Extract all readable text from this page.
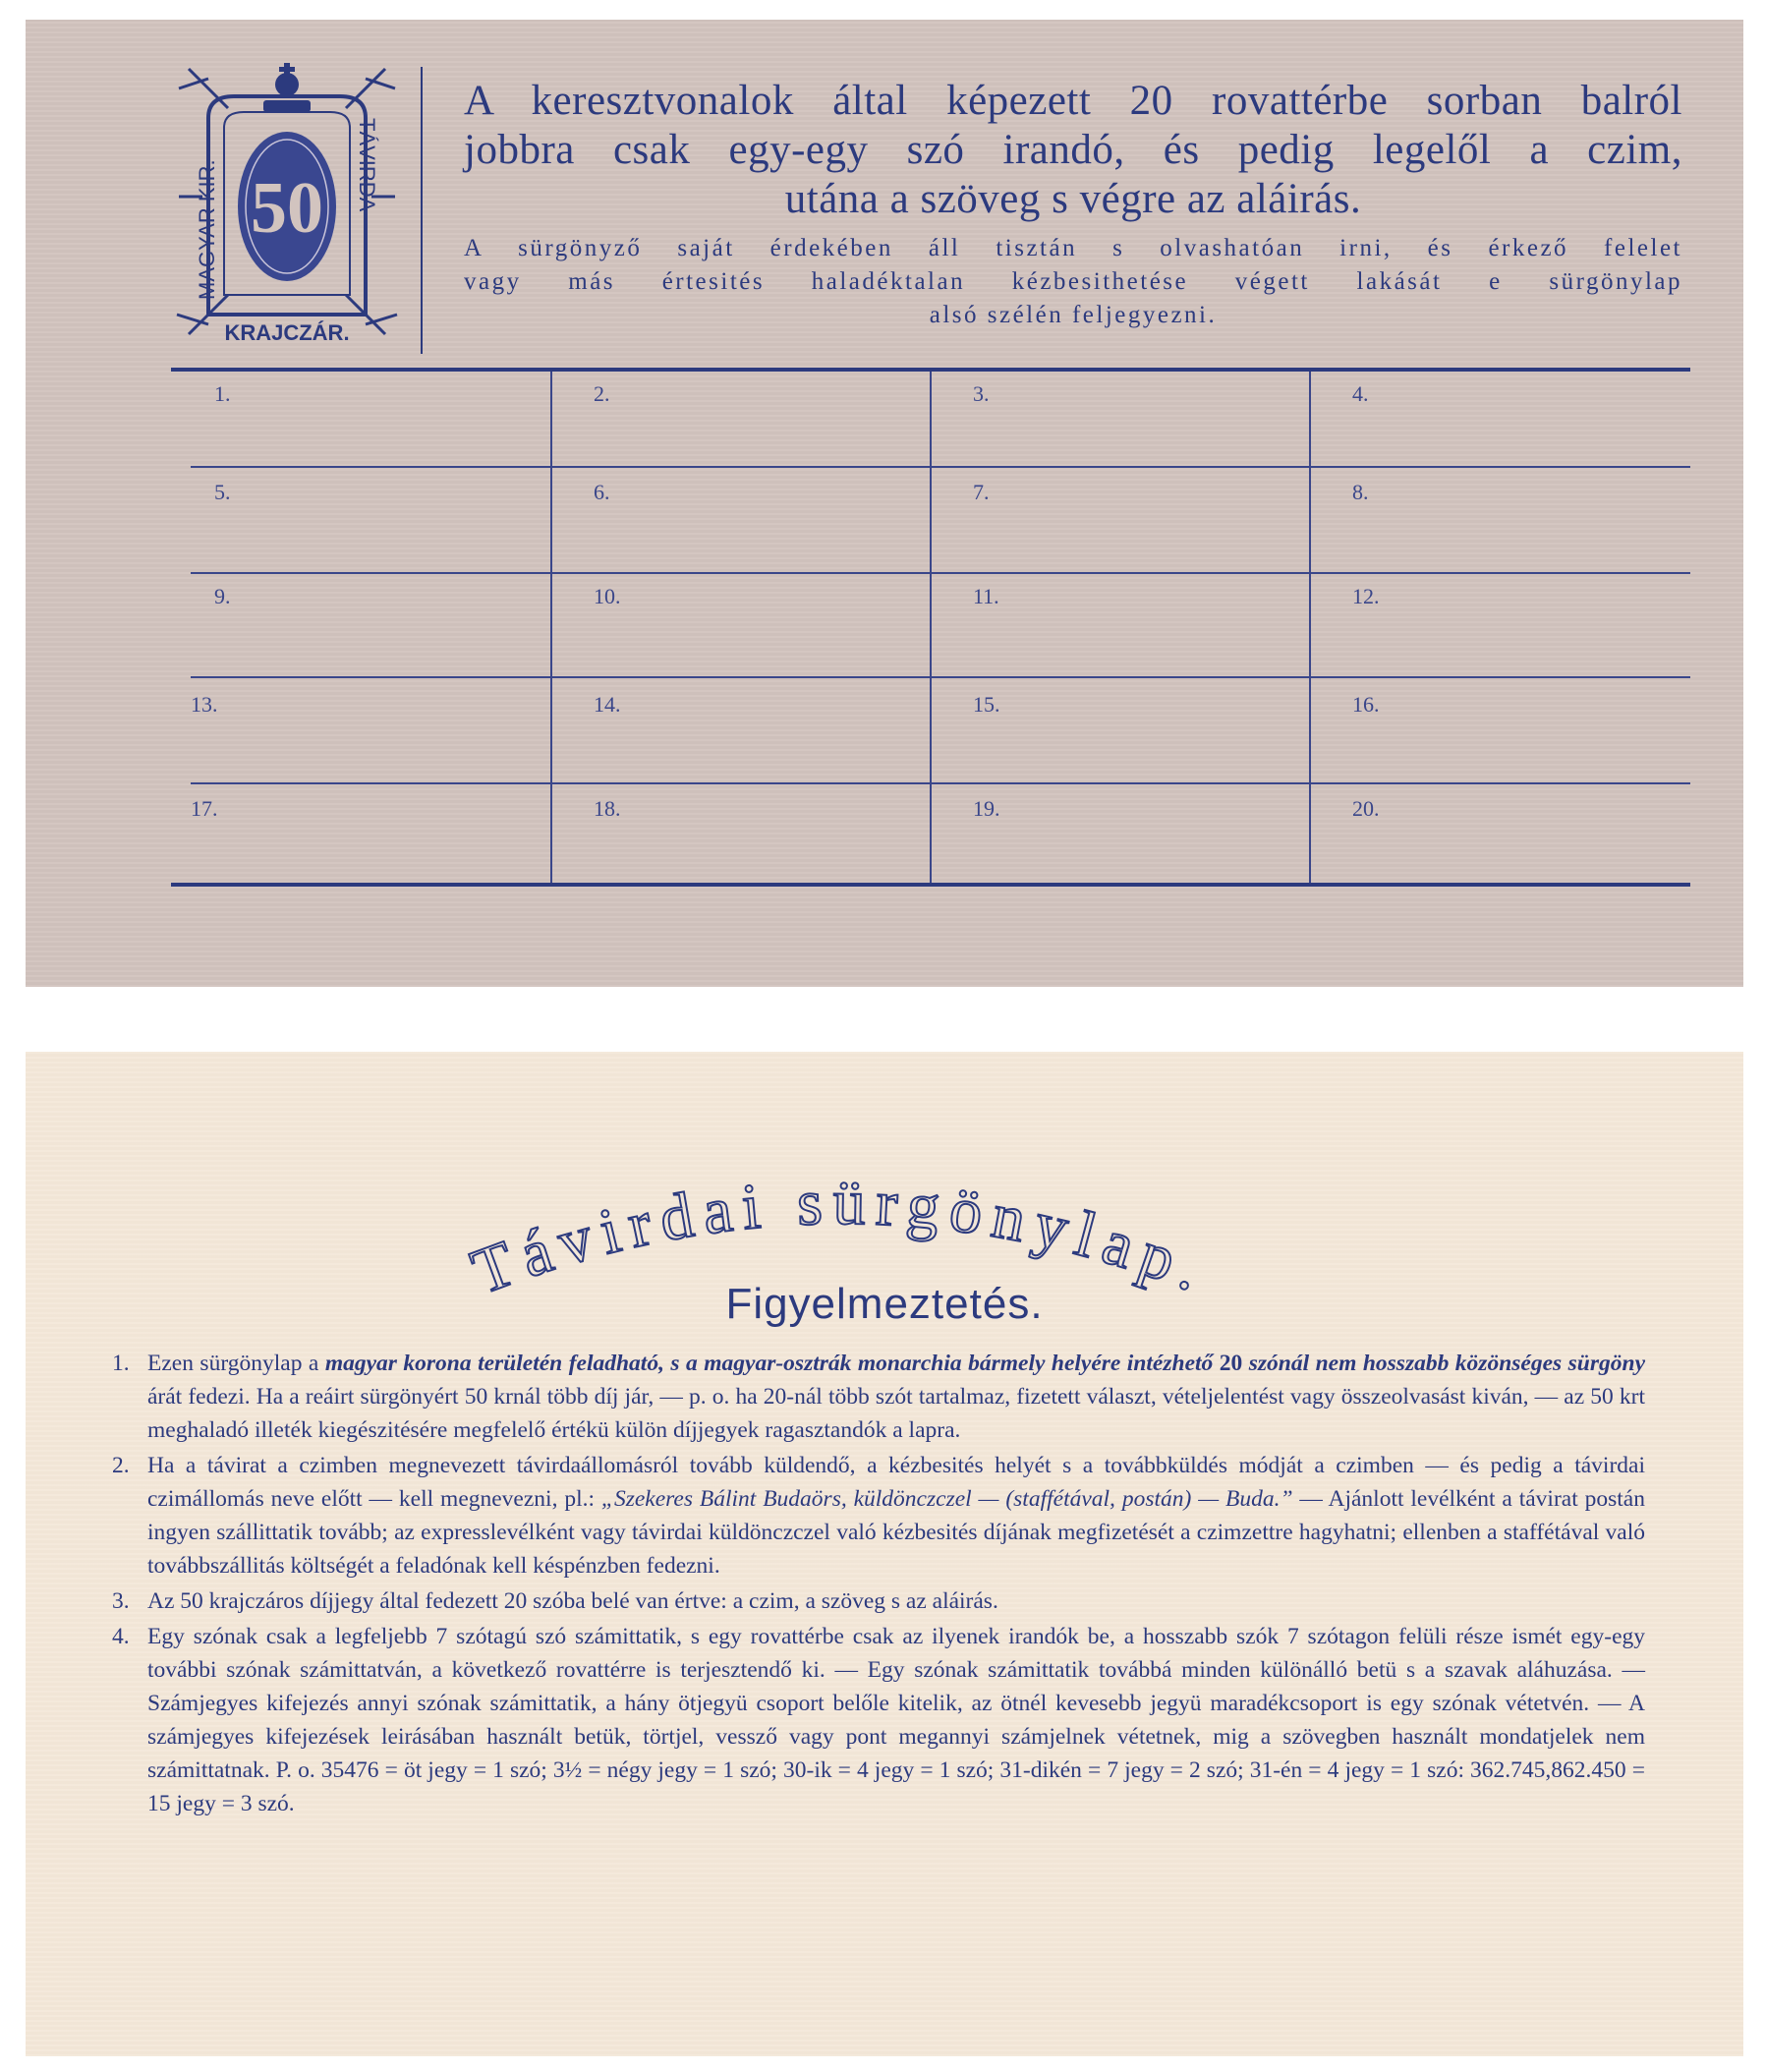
50
MAGYAR KIR.	TÁVIRDA
KRAJCZÁR.
A keresztvonalok által képezett 20 rovattérbe sorban balról
jobbra csak egy-egy szó irandó, és pedig legelől a czim,
utána a szöveg s végre az aláirás.
A sürgönyző saját érdekében áll tisztán s olvashatóan irni, és érkező felelet
vagy más értesités haladéktalan kézbesithetése végett lakását e sürgönylap
alsó szélén feljegyezni.
1.	2.	3.	4.
5.	6.	7.	8.
9.	10.	11.	12.
13.	14.	15.	16.
17.	18.	19.	20.
Távirdai sürgönylap.
Figyelmeztetés.
1. Ezen sürgönylap a magyar korona területén feladható, s a magyar-osztrák monarchia bármely helyére intézhető 20 szónál nem hosszabb közönséges sürgöny árát fedezi. Ha a reáirt sürgönyért 50 krnál több díj jár, — p. o. ha 20-nál több szót tartalmaz, fizetett választ, vételjelentést vagy összeolvasást kiván, — az 50 krt meghaladó illeték kiegészitésére megfelelő értékü külön díjjegyek ragasztandók a lapra.
2. Ha a távirat a czimben megnevezett távirdaállomásról tovább küldendő, a kézbesités helyét s a továbbküldés módját a czimben — és pedig a távirdai czimállomás neve előtt — kell megnevezni, pl.: „Szekeres Bálint Budaörs, küldönczczel — (staffétával, postán) — Buda.” — Ajánlott levélként a távirat postán ingyen szállittatik tovább; az expresslevélként vagy távirdai küldönczczel való kézbesités díjának megfizetését a czimzettre hagyhatni; ellenben a staffétával való továbbszállitás költségét a feladónak kell késpénzben fedezni.
3. Az 50 krajczáros díjjegy által fedezett 20 szóba belé van értve: a czim, a szöveg s az aláirás.
4. Egy szónak csak a legfeljebb 7 szótagú szó számittatik, s egy rovattérbe csak az ilyenek irandók be, a hosszabb szók 7 szótagon felüli része ismét egy-egy további szónak számittatván, a következő rovattérre is terjesztendő ki. — Egy szónak számittatik továbbá minden különálló betü s a szavak aláhuzása. — Számjegyes kifejezés annyi szónak számittatik, a hány ötjegyü csoport belőle kitelik, az ötnél kevesebb jegyü maradékcsoport is egy szónak vétetvén. — A számjegyes kifejezések leirásában használt betük, törtjel, vessző vagy pont megannyi számjelnek vétetnek, mig a szövegben használt mondatjelek nem számittatnak. P. o. 35476 = öt jegy = 1 szó; 3½ = négy jegy = 1 szó; 30-ik = 4 jegy = 1 szó; 31-dikén = 7 jegy = 2 szó; 31-én = 4 jegy = 1 szó: 362.745,862.450 = 15 jegy = 3 szó.
